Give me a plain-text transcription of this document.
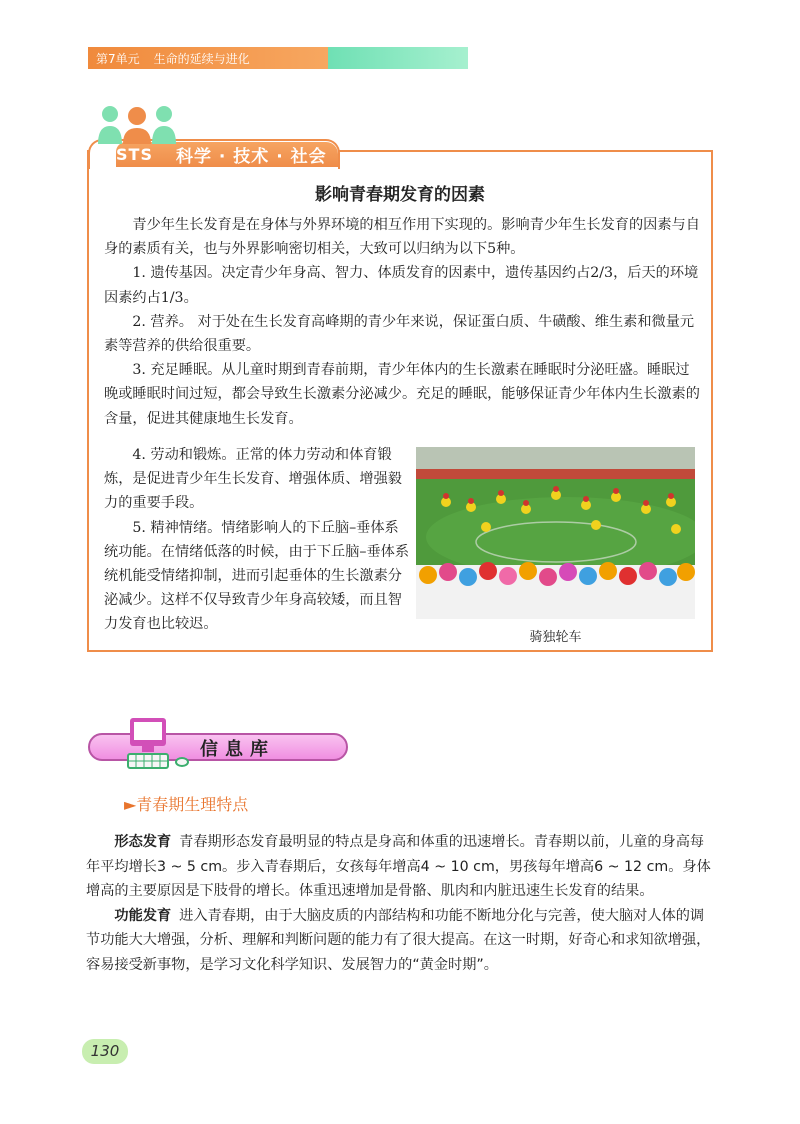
第7单元 生命的延续与进化
STS 科学 · 技术 · 社会
影响青春期发育的因素

青少年生长发育是在身体与外界环境的相互作用下实现的。影响青少年生长发育的因素与自身的素质有关，也与外界影响密切相关，大致可以归纳为以下5种。

1. 遗传基因。决定青少年身高、智力、体质发育的因素中，遗传基因约占2/3，后天的环境因素约占1/3。

2. 营养。 对于处在生长发育高峰期的青少年来说，保证蛋白质、牛磺酸、维生素和微量元素等营养的供给很重要。

3. 充足睡眠。从儿童时期到青春前期，青少年体内的生长激素在睡眠时分泌旺盛。睡眠过晚或睡眠时间过短，都会导致生长激素分泌减少。充足的睡眠，能够保证青少年体内生长激素的含量，促进其健康地生长发育。

4. 劳动和锻炼。正常的体力劳动和体育锻炼，是促进青少年生长发育、增强体质、增强毅力的重要手段。

5. 精神情绪。情绪影响人的下丘脑–垂体系统功能。在情绪低落的时候，由于下丘脑–垂体系统机能受情绪抑制，进而引起垂体的生长激素分泌减少。这样不仅导致青少年身高较矮，而且智力发育也比较迟。

骑独轮车
信息库
►青春期生理特点

形态发育 青春期形态发育最明显的特点是身高和体重的迅速增长。青春期以前，儿童的身高每年平均增长3 ~ 5 cm。步入青春期后，女孩每年增高4 ~ 10 cm，男孩每年增高6 ~ 12 cm。身体增高的主要原因是下肢骨的增长。体重迅速增加是骨骼、肌肉和内脏迅速生长发育的结果。

功能发育 进入青春期，由于大脑皮质的内部结构和功能不断地分化与完善，使大脑对人体的调节功能大大增强，分析、理解和判断问题的能力有了很大提高。在这一时期，好奇心和求知欲增强，容易接受新事物，是学习文化科学知识、发展智力的“黄金时期”。

130
